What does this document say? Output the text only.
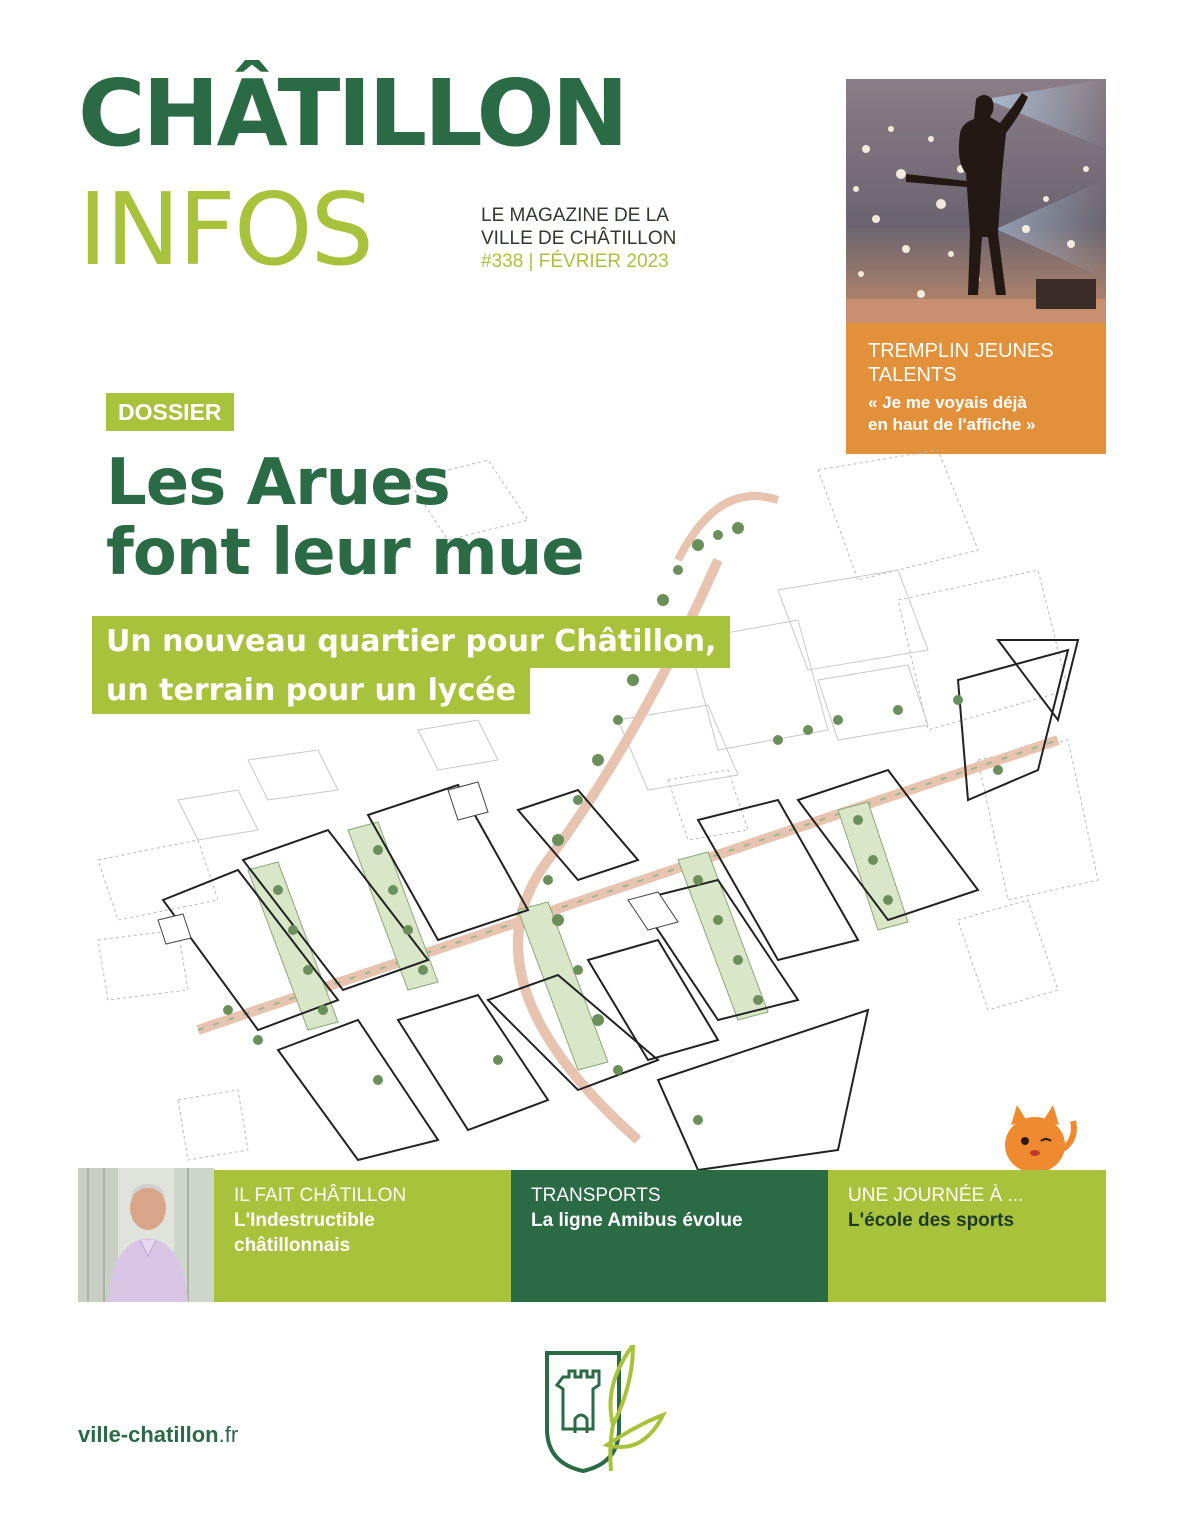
CHÂTILLON
INFOS	LE MAGAZINE DE LA
VILLE DE CHÂTILLON
#338 | FÉVRIER 2023
TREMPLIN JEUNES
TALENTS
« Je me voyais déjà
en haut de l'affiche »
DOSSIER
Les Arues
font leur mue
Un nouveau quartier pour Châtillon,
un terrain pour un lycée
IL FAIT CHÂTILLON
L'Indestructible
châtillonnais
TRANSPORTS
La ligne Amibus évolue
UNE JOURNÉE À ...
L'école des sports
ville-chatillon.fr
